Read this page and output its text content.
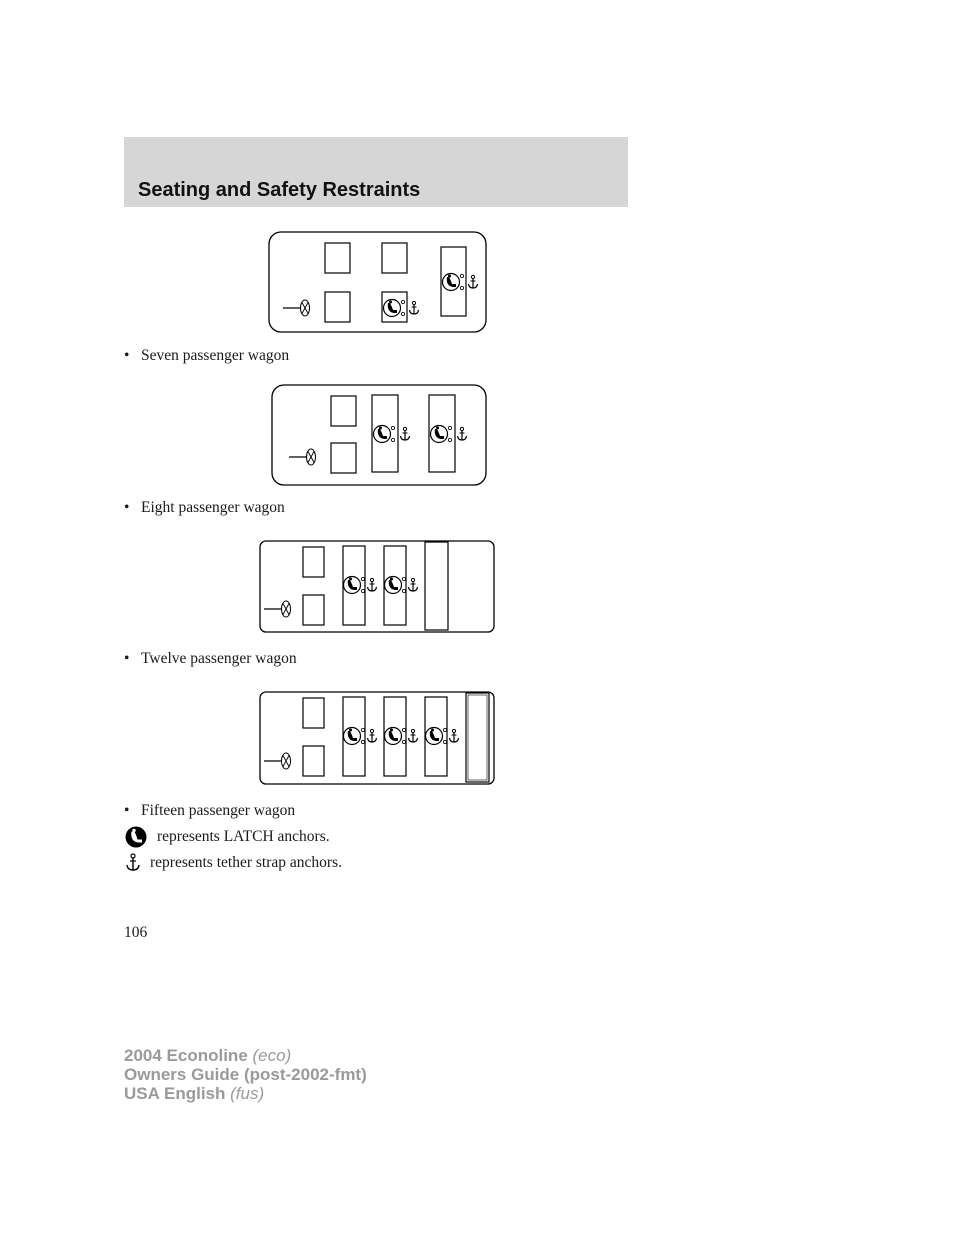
Seating and Safety Restraints
• Seven passenger wagon
• Eight passenger wagon
• Twelve passenger wagon
• Fifteen passenger wagon
represents LATCH anchors.
represents tether strap anchors.
106
2004 Econoline (eco)
Owners Guide (post-2002-fmt)
USA English (fus)
